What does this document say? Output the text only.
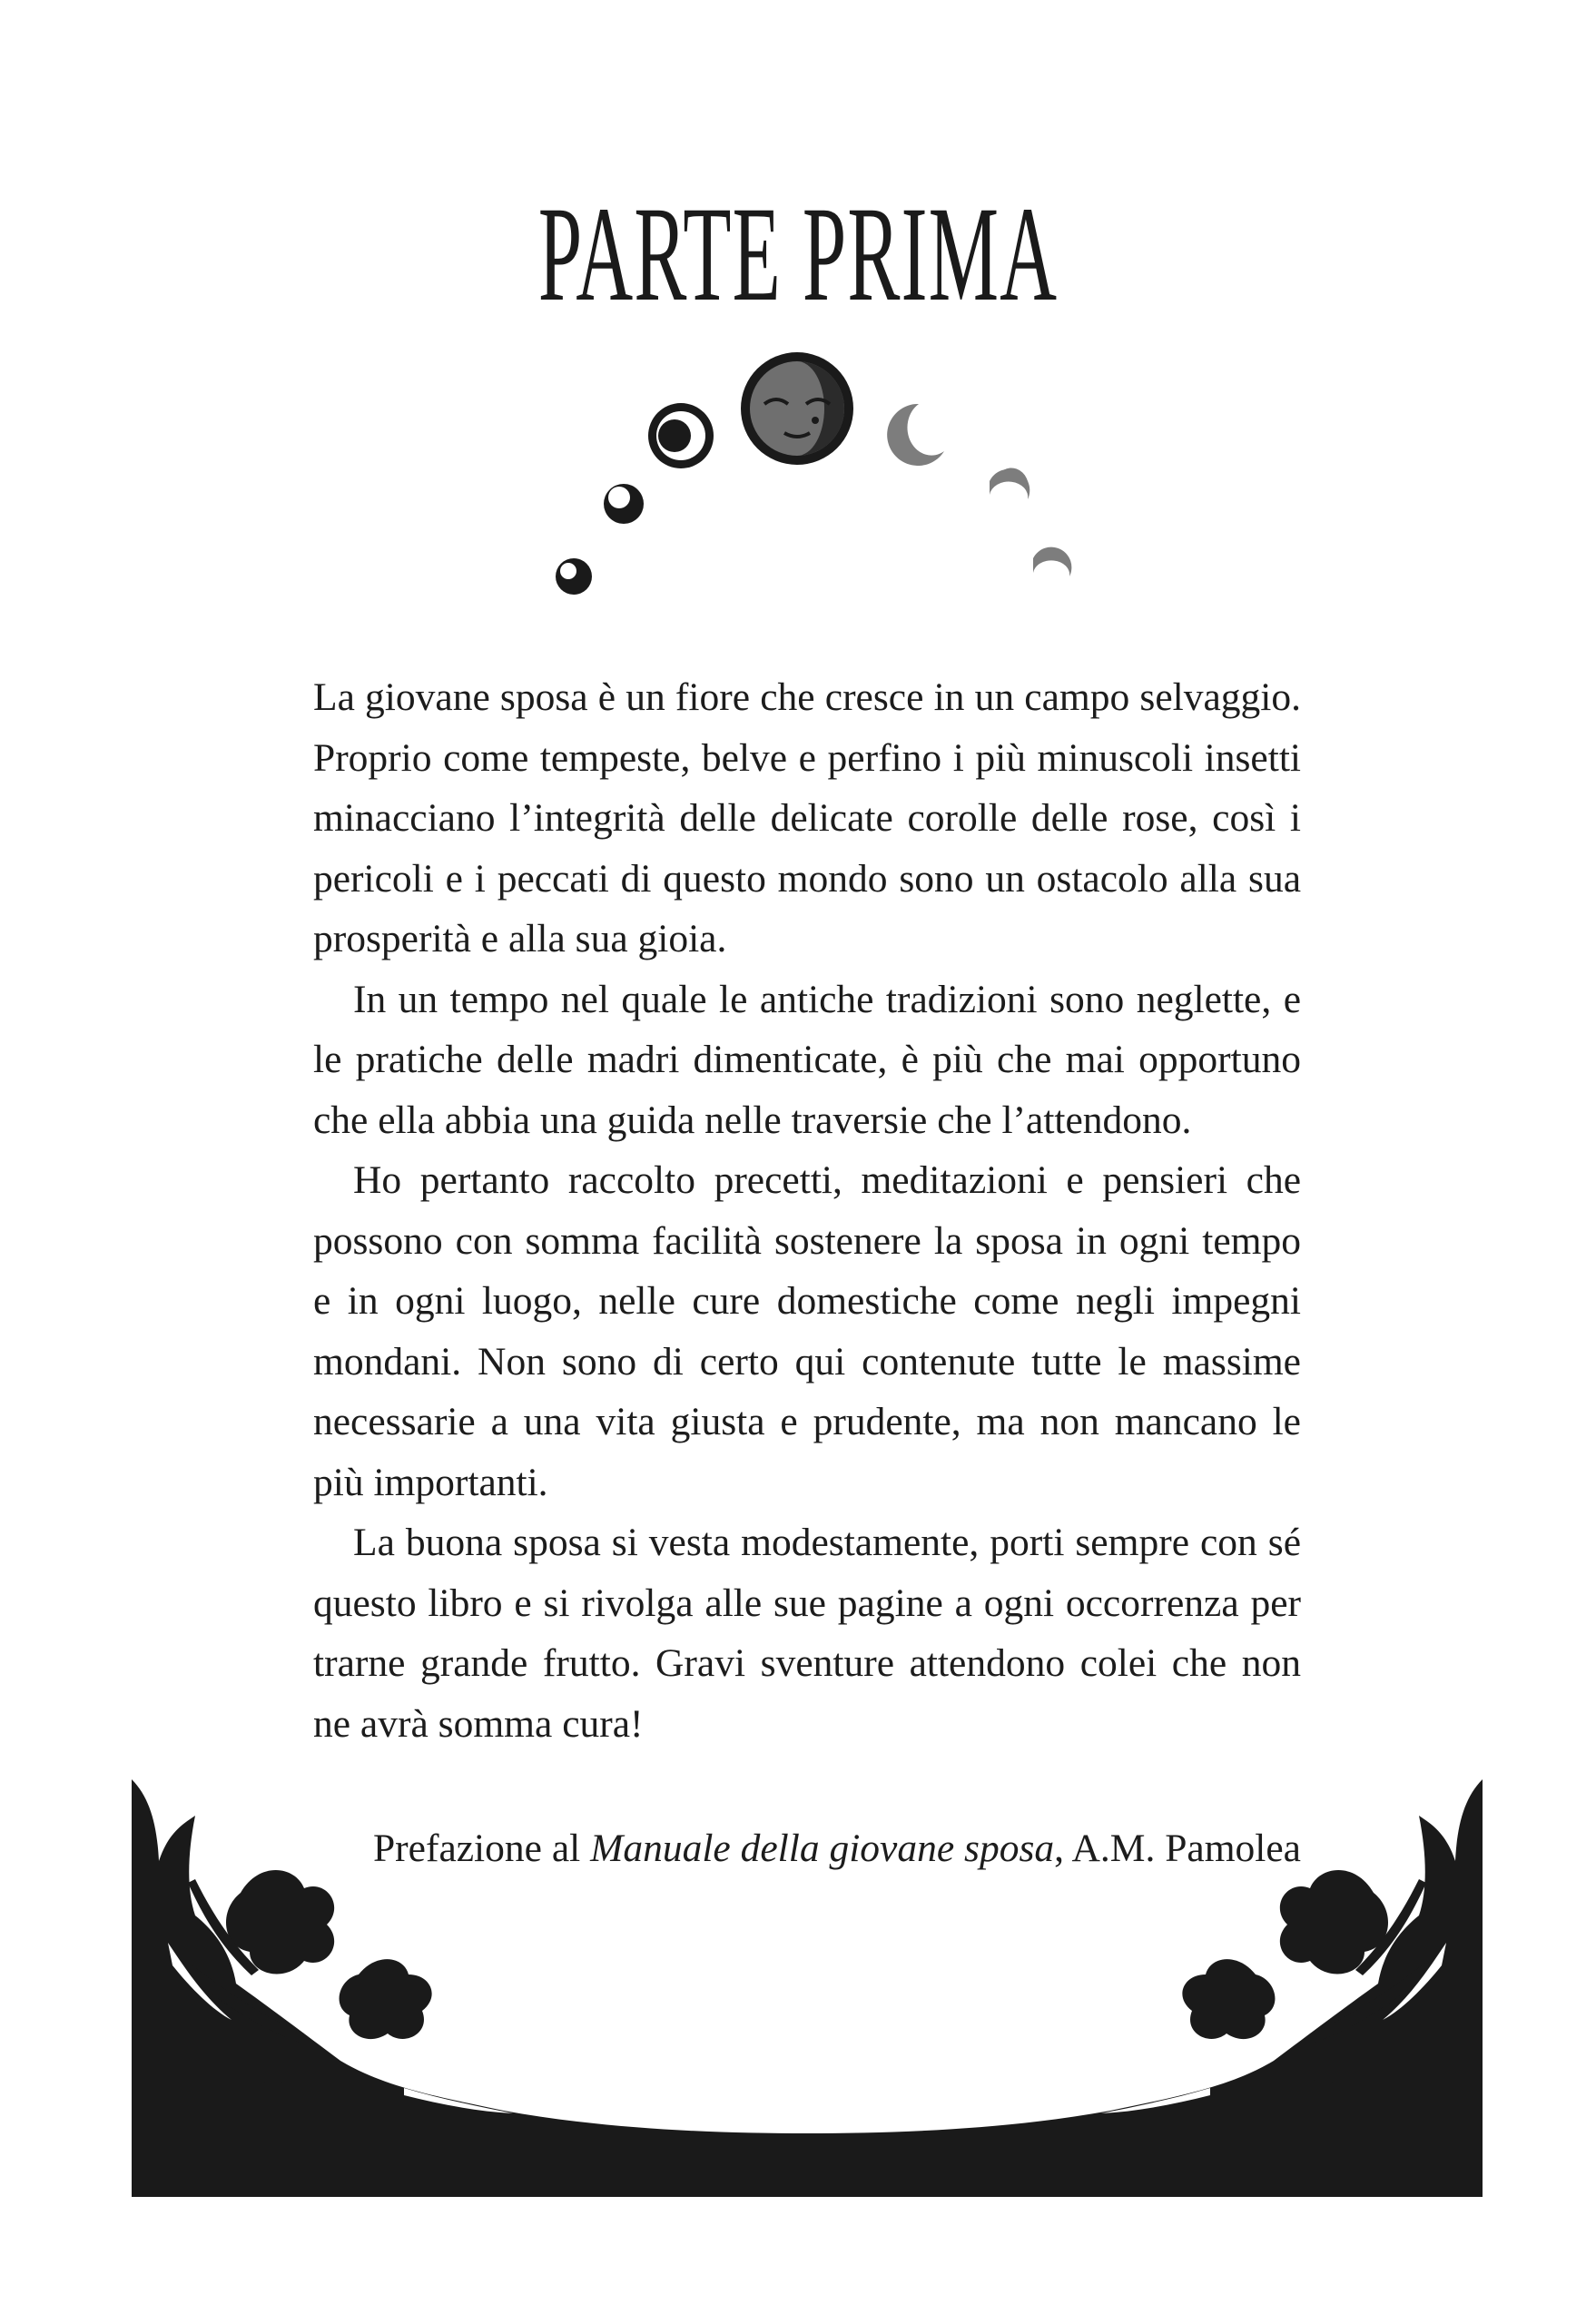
PARTE PRIMA

La giovane sposa è un fiore che cresce in un campo selvaggio. Proprio come tempeste, belve e perfino i più minuscoli insetti minacciano l’integrità delle delicate corolle delle rose, così i pericoli e i peccati di questo mondo sono un ostacolo alla sua prosperità e alla sua gioia.

In un tempo nel quale le antiche tradizioni sono neglette, e le pratiche delle madri dimenticate, è più che mai opportuno che ella abbia una guida nelle traversie che l’attendono.

Ho pertanto raccolto precetti, meditazioni e pensieri che possono con somma facilità sostenere la sposa in ogni tempo e in ogni luogo, nelle cure domestiche come negli impegni mondani. Non sono di certo qui contenute tutte le massime necessarie a una vita giusta e prudente, ma non mancano le più importanti.

La buona sposa si vesta modestamente, porti sempre con sé questo libro e si rivolga alle sue pagine a ogni occorrenza per trarne grande frutto. Gravi sventure attendono colei che non ne avrà somma cura!

Prefazione al Manuale della giovane sposa, A.M. Pamolea
